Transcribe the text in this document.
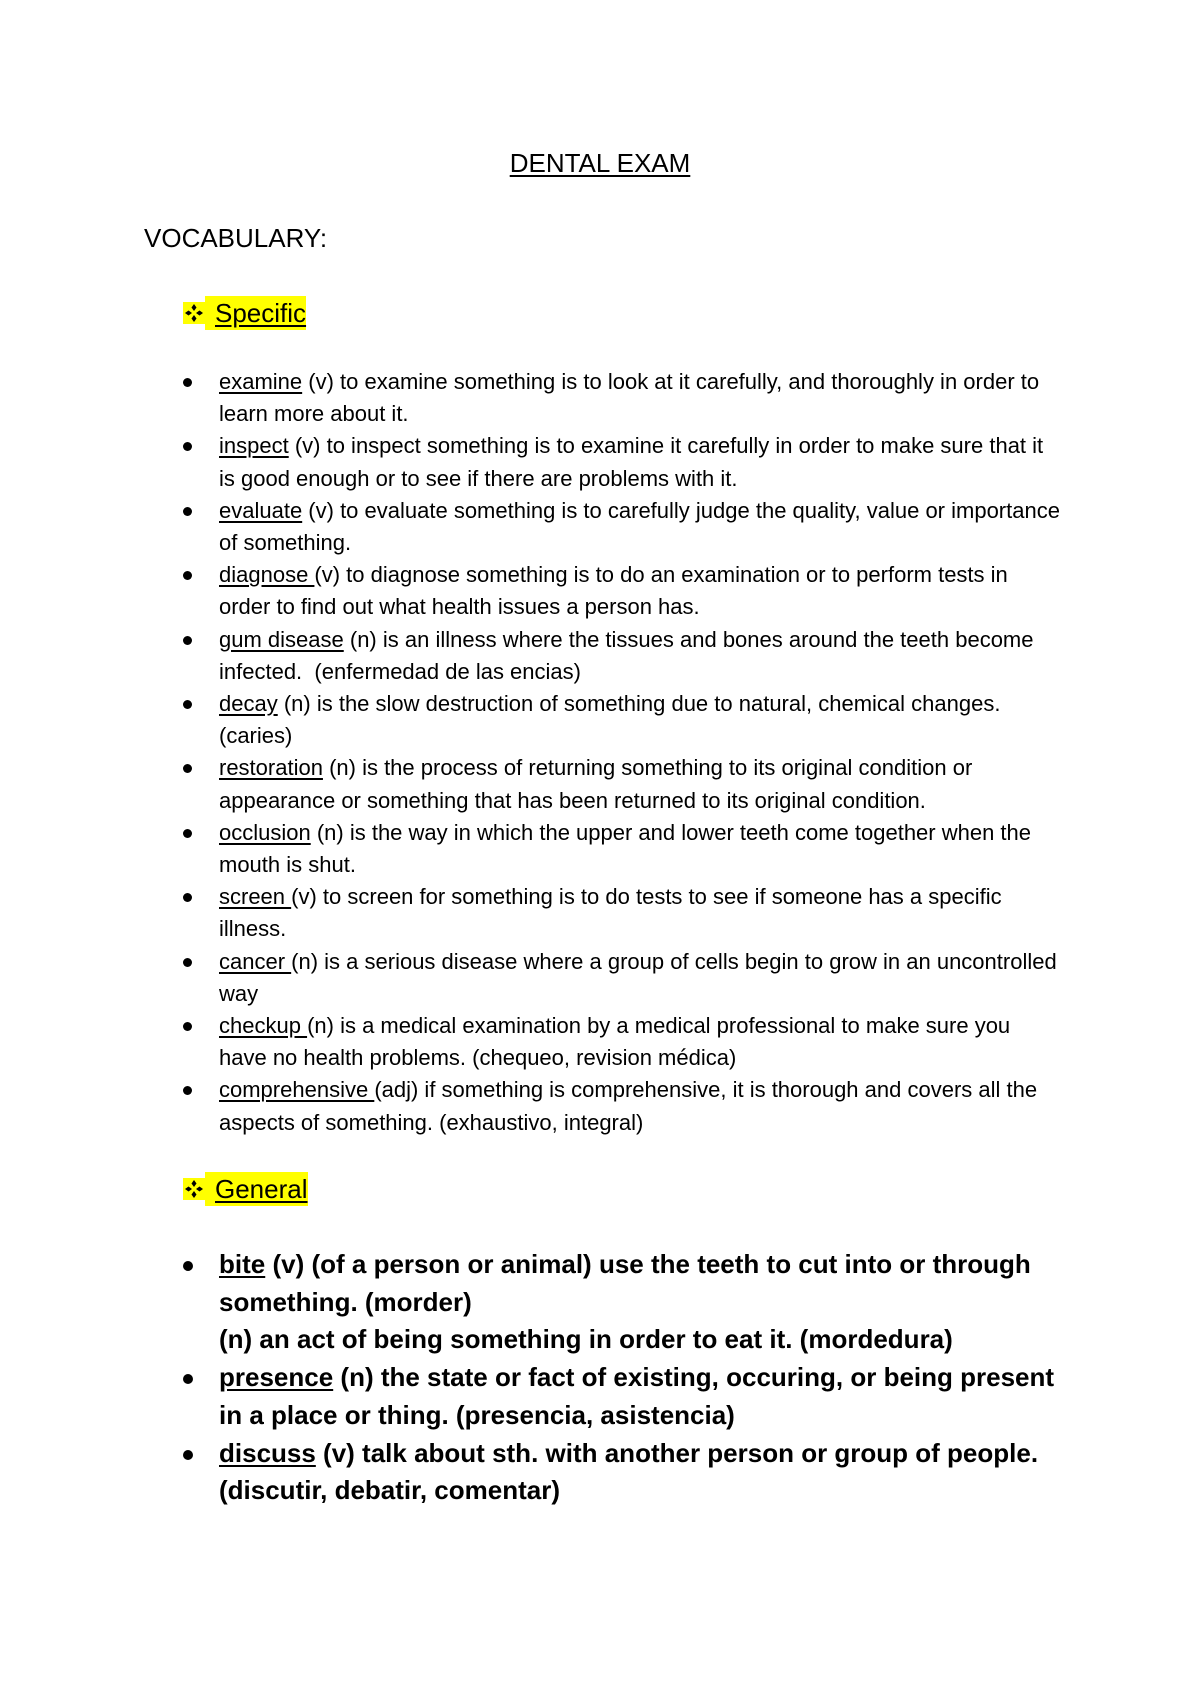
DENTAL EXAM
VOCABULARY:
Specific
examine (v) to examine something is to look at it carefully, and thoroughly in order to learn more about it.
inspect (v) to inspect something is to examine it carefully in order to make sure that it is good enough or to see if there are problems with it.
evaluate (v) to evaluate something is to carefully judge the quality, value or importance of something.
diagnose (v) to diagnose something is to do an examination or to perform tests in order to find out what health issues a person has.
gum disease (n) is an illness where the tissues and bones around the teeth become infected.  (enfermedad de las encias)
decay (n) is the slow destruction of something due to natural, chemical changes. (caries)
restoration (n) is the process of returning something to its original condition or appearance or something that has been returned to its original condition.
occlusion (n) is the way in which the upper and lower teeth come together when the mouth is shut.
screen (v) to screen for something is to do tests to see if someone has a specific illness.
cancer (n) is a serious disease where a group of cells begin to grow in an uncontrolled way
checkup (n) is a medical examination by a medical professional to make sure you have no health problems. (chequeo, revision médica)
comprehensive (adj) if something is comprehensive, it is thorough and covers all the aspects of something. (exhaustivo, integral)
General
bite (v) (of a person or animal) use the teeth to cut into or through something. (morder)
(n) an act of being something in order to eat it. (mordedura)
presence (n) the state or fact of existing, occuring, or being present in a place or thing. (presencia, asistencia)
discuss (v) talk about sth. with another person or group of people. (discutir, debatir, comentar)
